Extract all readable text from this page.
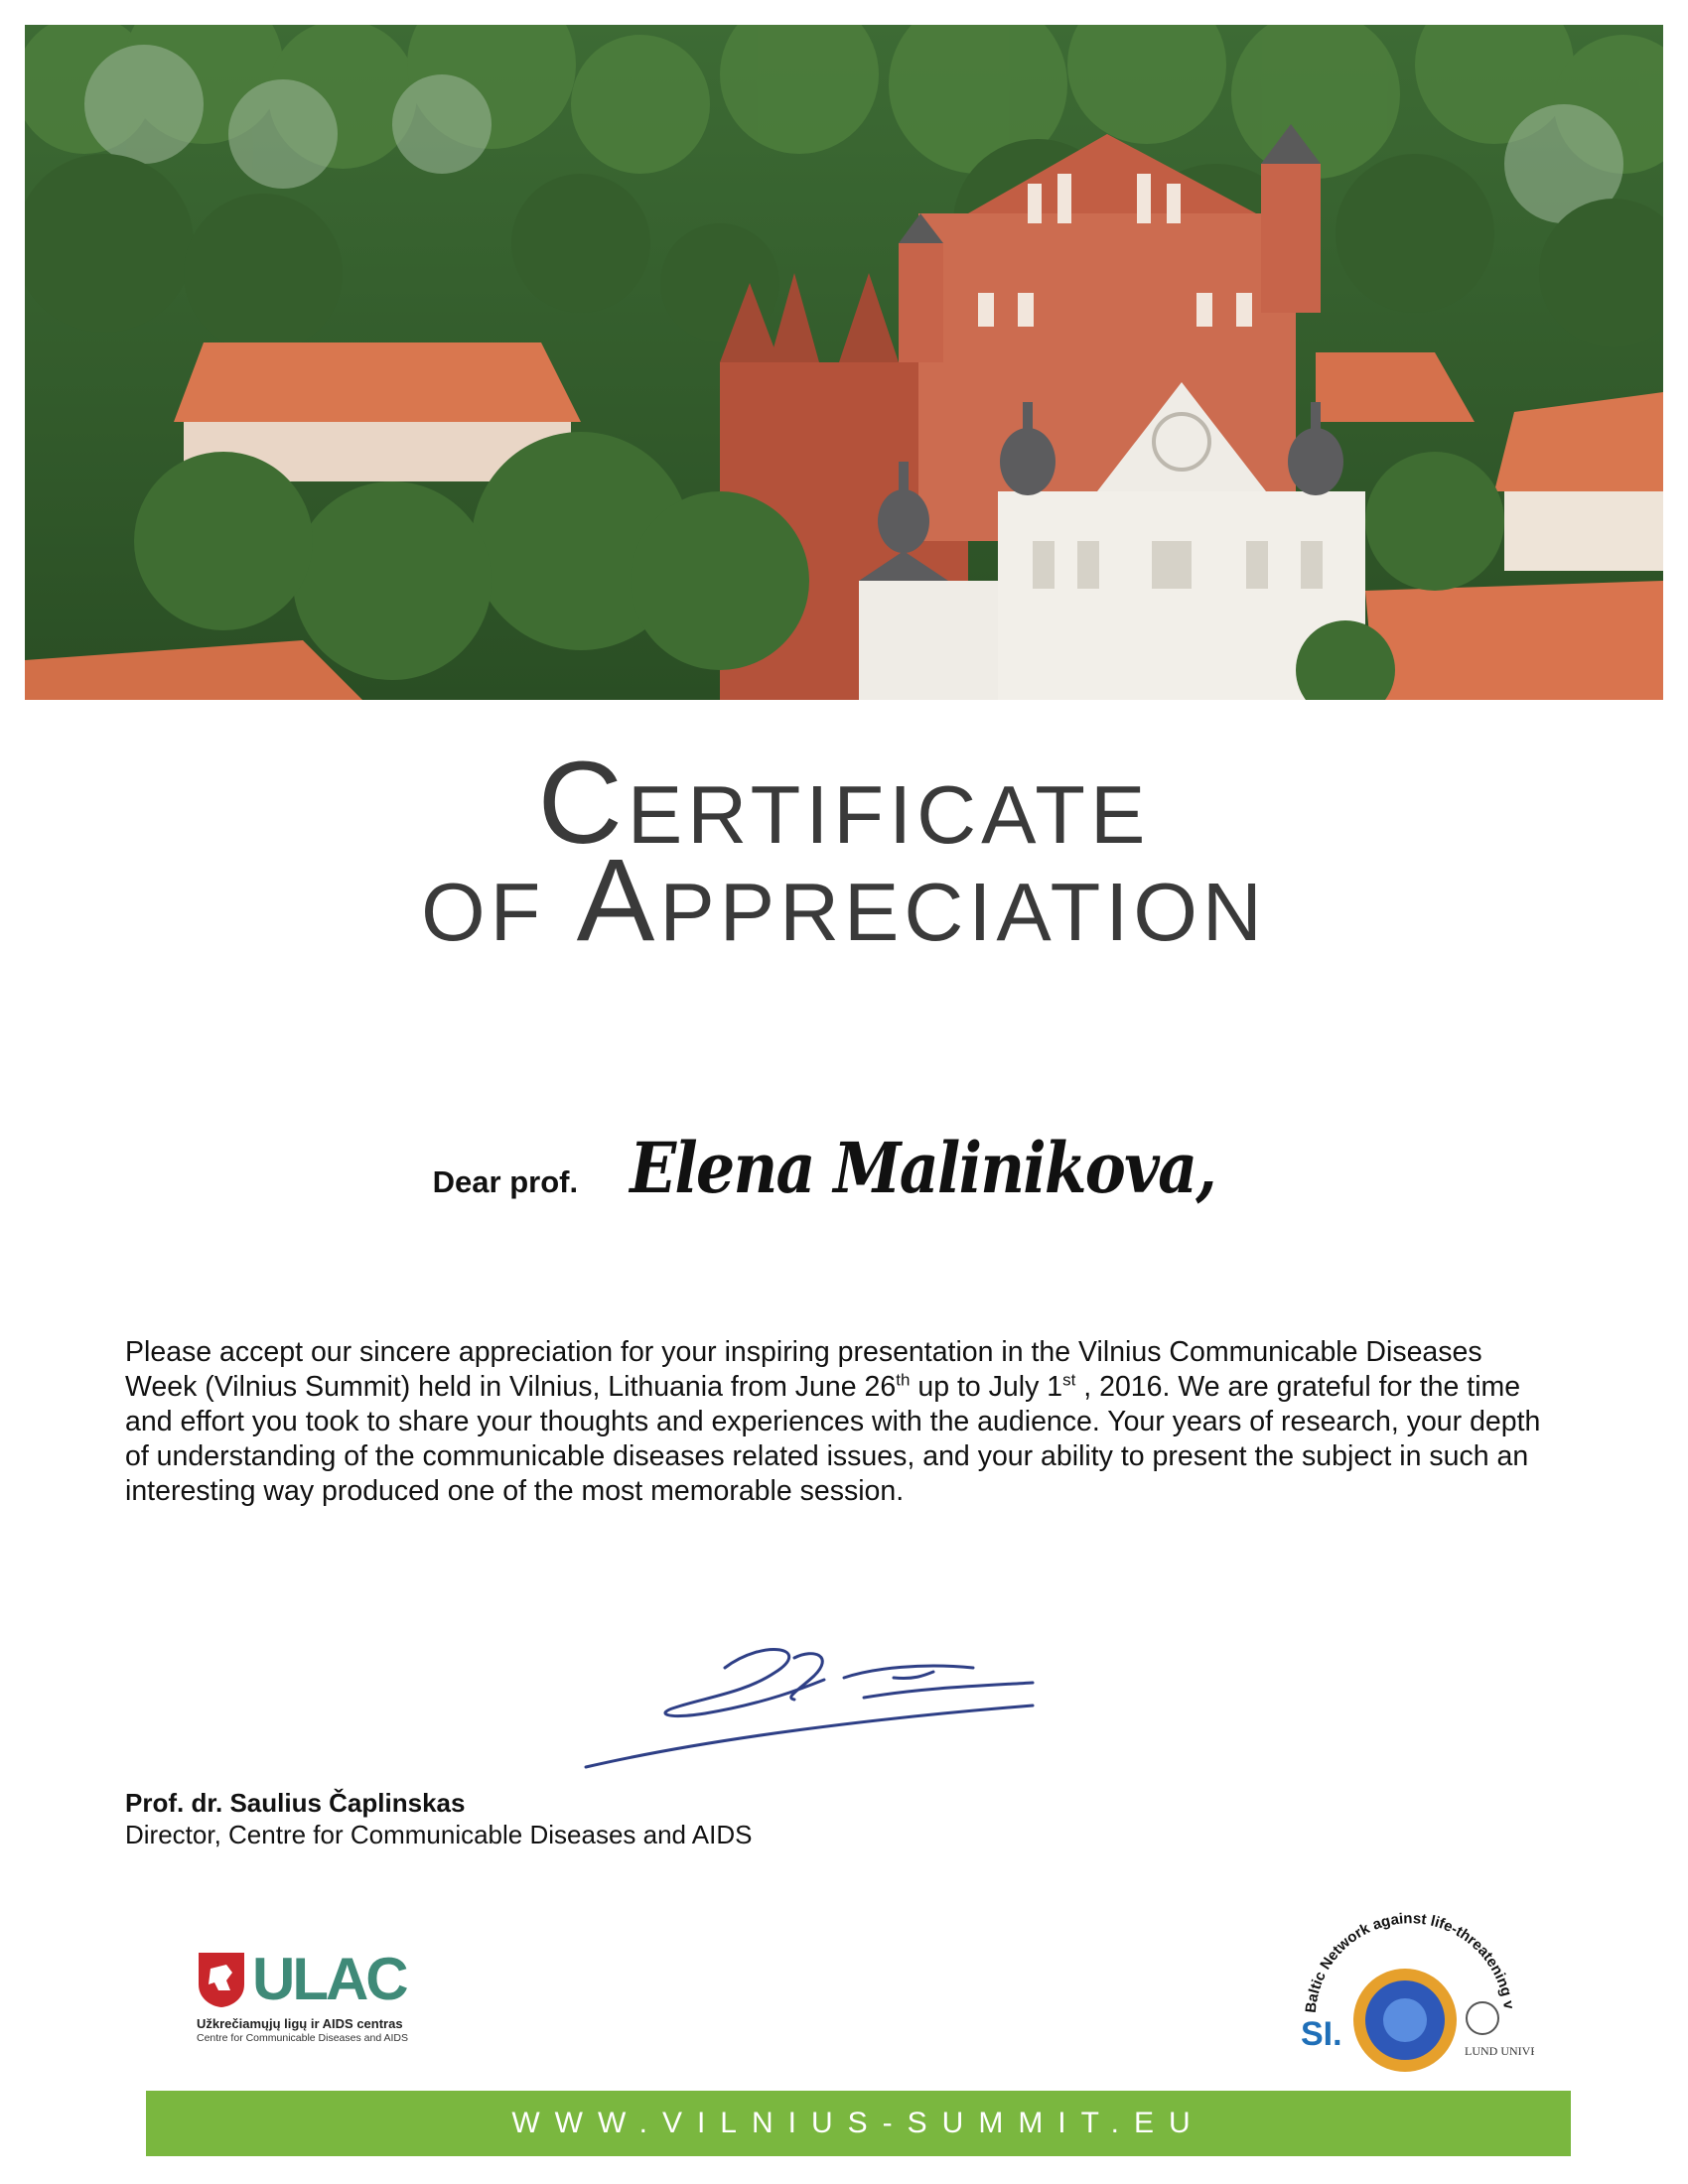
Certificate
of Appreciation
Dear prof. Elena Malinikova,

Please accept our sincere appreciation for your inspiring presentation in the Vilnius Communicable Diseases Week (Vilnius Summit) held in Vilnius, Lithuania from June 26th up to July 1st , 2016. We are grateful for the time and effort you took to share your thoughts and experiences with the audience. Your years of research, your depth of understanding of the communicable diseases related issues, and your ability to present the subject in such an interesting way produced one of the most memorable session.

Prof. dr. Saulius Čaplinskas
Director, Centre for Communicable Diseases and AIDS
ULAC
Užkrečiamųjų ligų ir AIDS centras
Centre for Communicable Diseases and AIDS
Baltic Network against life-threatening v
SI.	LUND UNIVE
WWW.VILNIUS-SUMMIT.EU
